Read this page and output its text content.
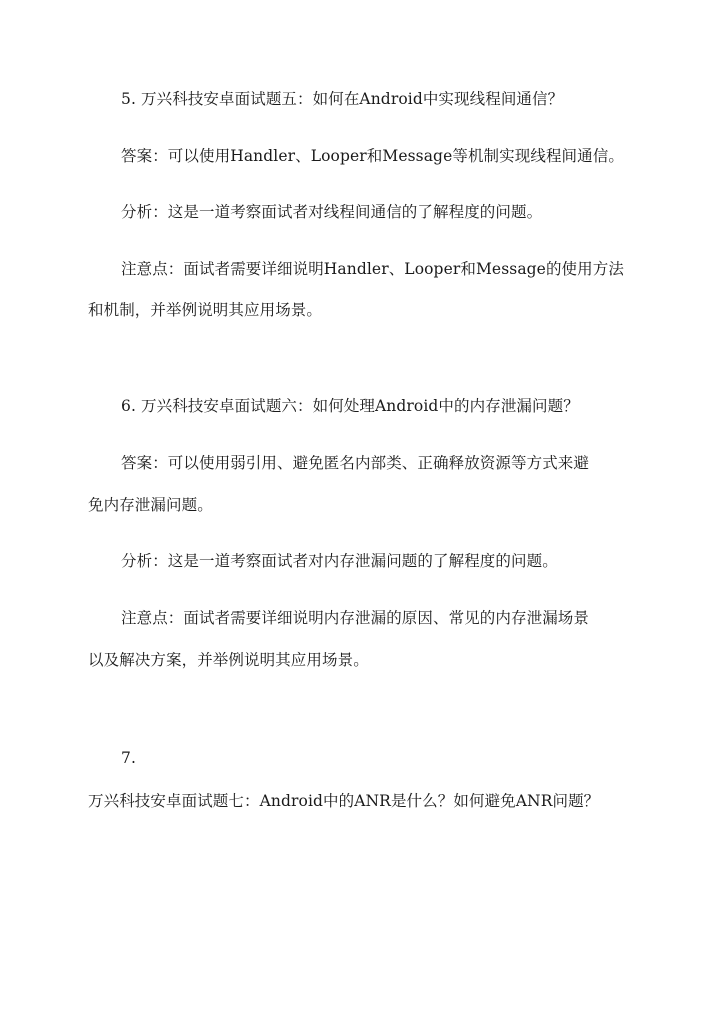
5. 万兴科技安卓面试题五：如何在Android中实现线程间通信？
答案：可以使用Handler、Looper和Message等机制实现线程间通信。
分析：这是一道考察面试者对线程间通信的了解程度的问题。
注意点：面试者需要详细说明Handler、Looper和Message的使用方法
和机制，并举例说明其应用场景。
6. 万兴科技安卓面试题六：如何处理Android中的内存泄漏问题？
答案：可以使用弱引用、避免匿名内部类、正确释放资源等方式来避
免内存泄漏问题。
分析：这是一道考察面试者对内存泄漏问题的了解程度的问题。
注意点：面试者需要详细说明内存泄漏的原因、常见的内存泄漏场景
以及解决方案，并举例说明其应用场景。
7.
万兴科技安卓面试题七：Android中的ANR是什么？如何避免ANR问题？
